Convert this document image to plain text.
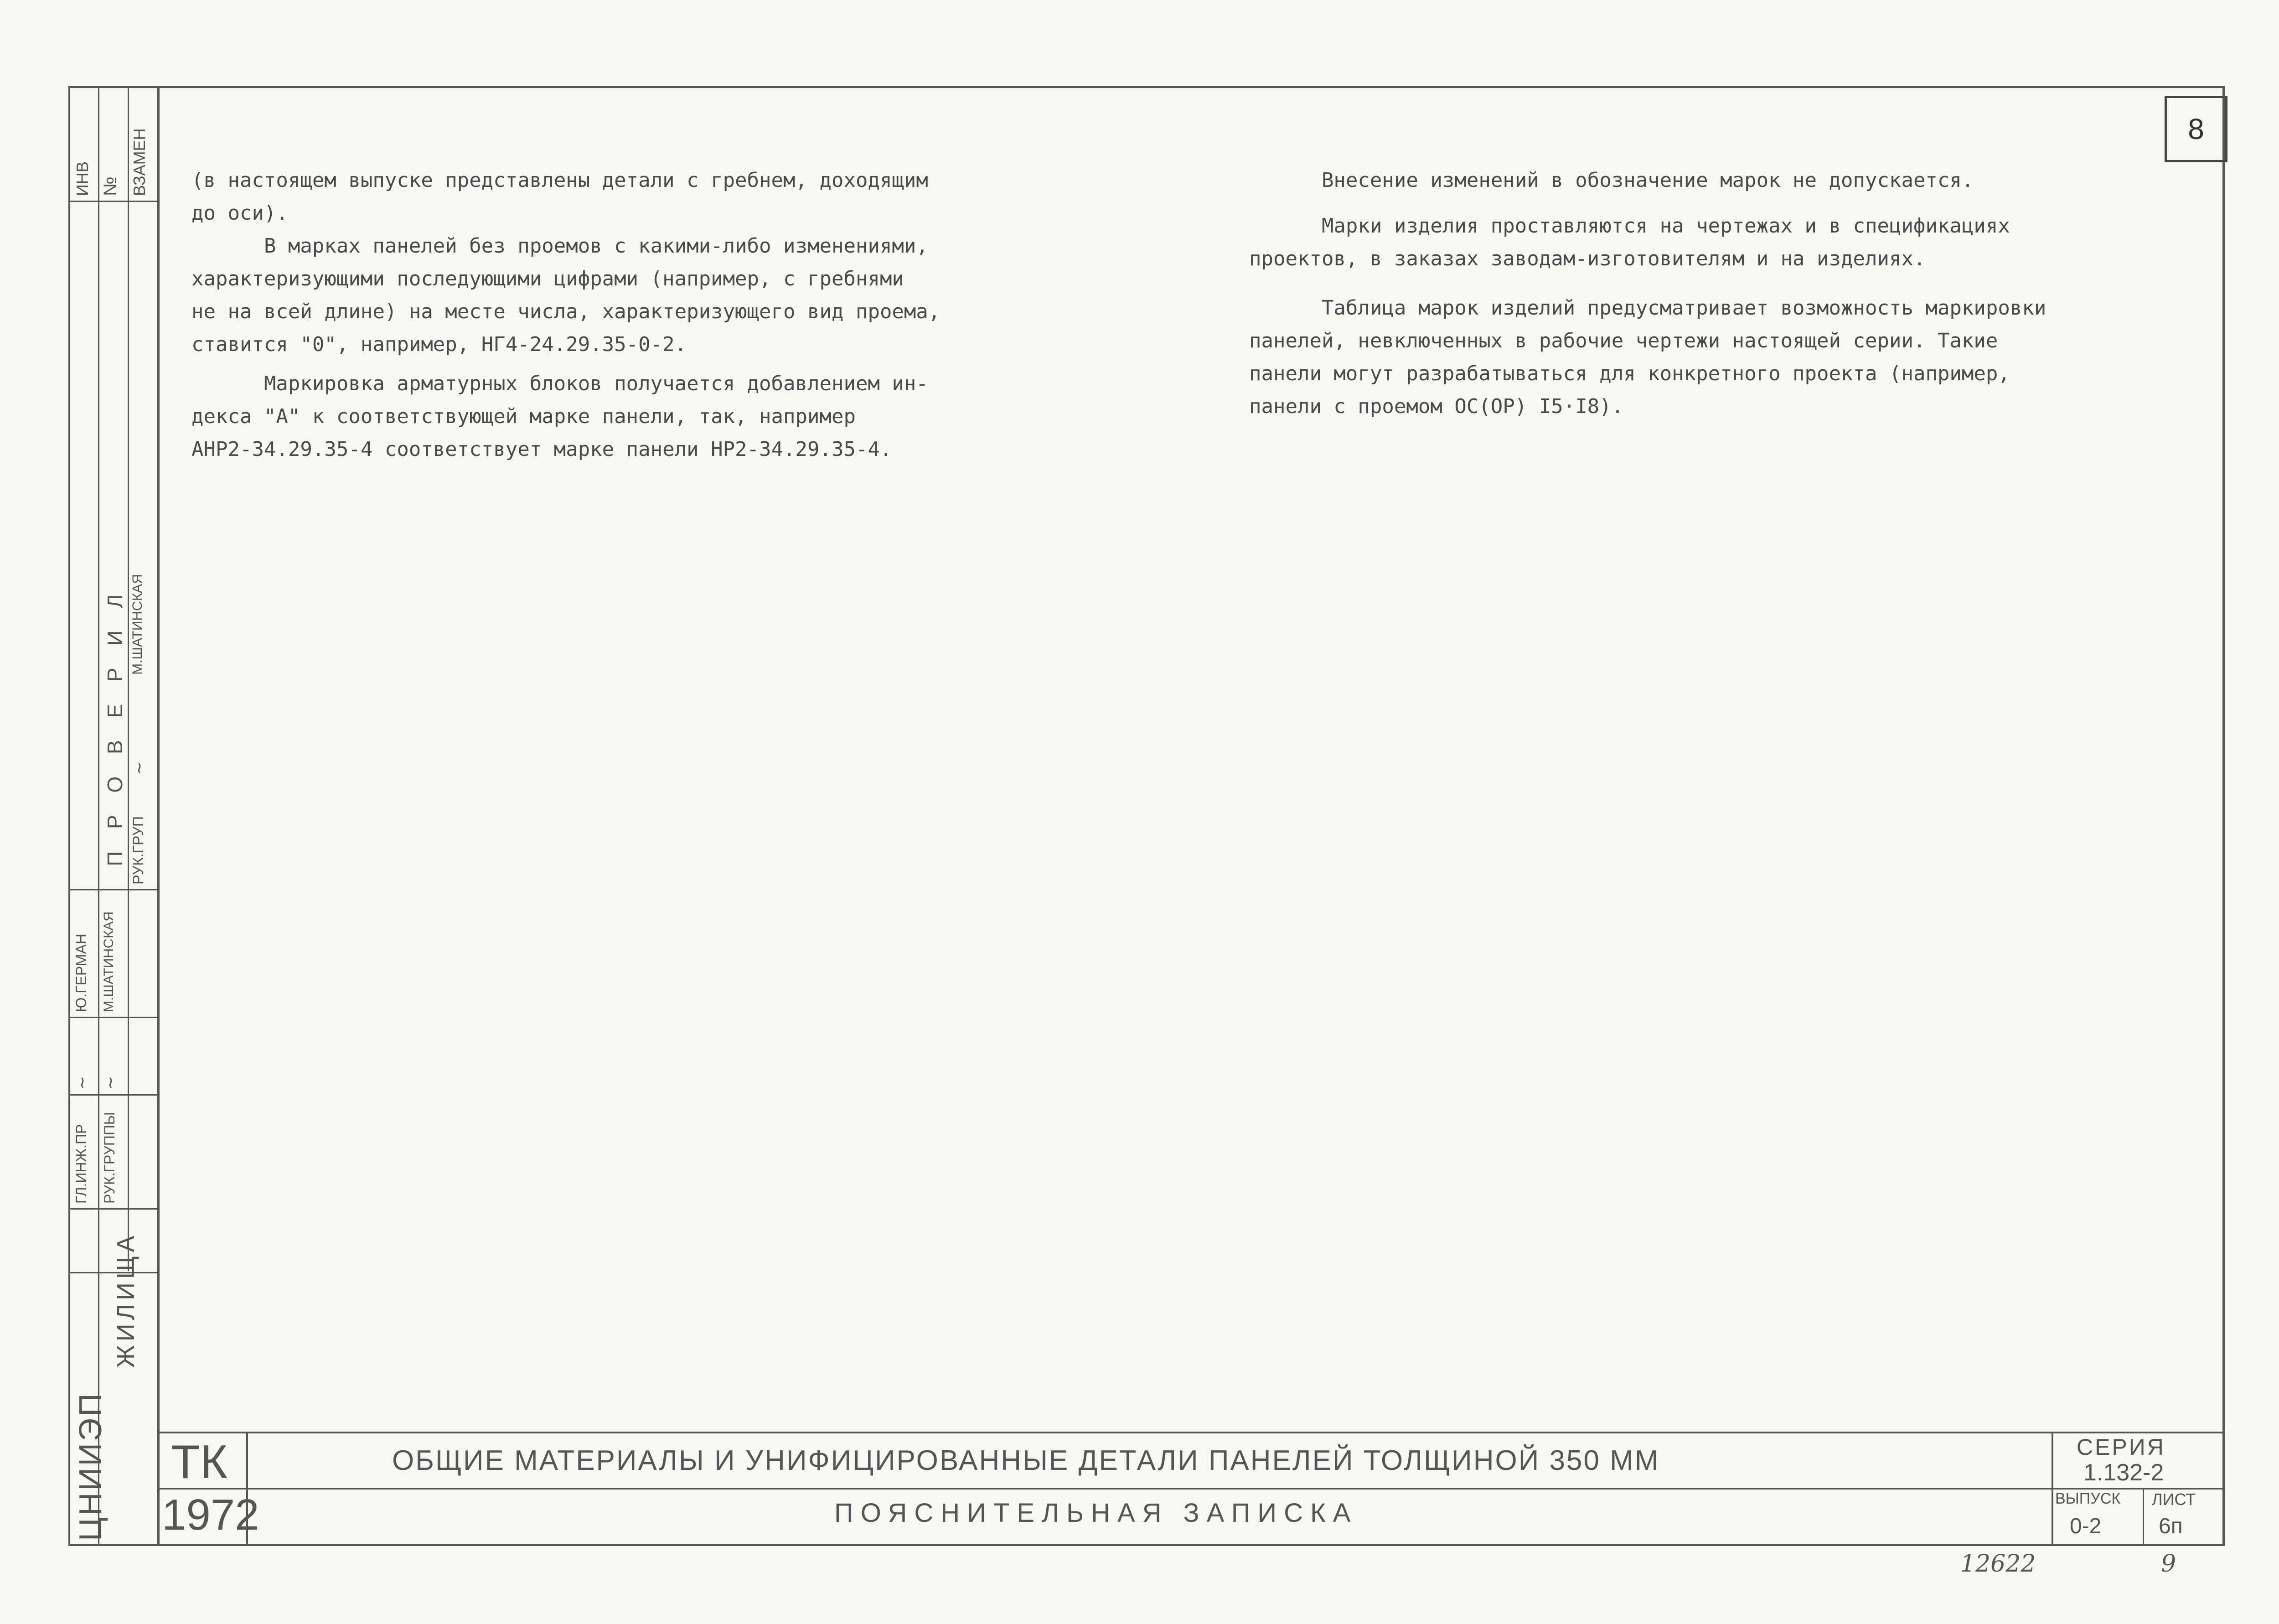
8
(в настоящем выпуске представлены детали с гребнем, доходящим
до оси).
В марках панелей без проемов с какими-либо изменениями,
характеризующими последующими цифрами (например, с гребнями
не на всей длине) на месте числа, характеризующего вид проема,
ставится "0", например, НГ4-24.29.35-0-2.
Маркировка арматурных блоков получается добавлением ин-
декса "А" к соответствующей марке панели, так, например
АНР2-34.29.35-4 соответствует марке панели НР2-34.29.35-4.
Внесение изменений в обозначение марок не допускается.
Марки изделия проставляются на чертежах и в спецификациях
проектов, в заказах заводам-изготовителям и на изделиях.
Таблица марок изделий предусматривает возможность маркировки
панелей, невключенных в рабочие чертежи настоящей серии. Такие
панели могут разрабатываться для конкретного проекта (например,
панели с проемом ОС(ОР) I5·I8).
№ ВЗАМЕН
ИНВ
П Р О В Е Р И Л
ГЛ.ИНЖ.ПР РУК.ГРУППЫ
РУК.ГРУП
Ю.ГЕРМАН М.ШАТИНСКАЯ
М.ШАТИНСКАЯ
~ ~
~
ЦНИИЭП
ЖИЛИЩА
ТК
1972
ОБЩИЕ МАТЕРИАЛЫ И УНИФИЦИРОВАННЫЕ ДЕТАЛИ ПАНЕЛЕЙ ТОЛЩИНОЙ 350 ММ
ПОЯСНИТЕЛЬНАЯ ЗАПИСКА
СЕРИЯ
1.132-2
ВЫПУСК
0-2
ЛИСТ
6п
12622	9
